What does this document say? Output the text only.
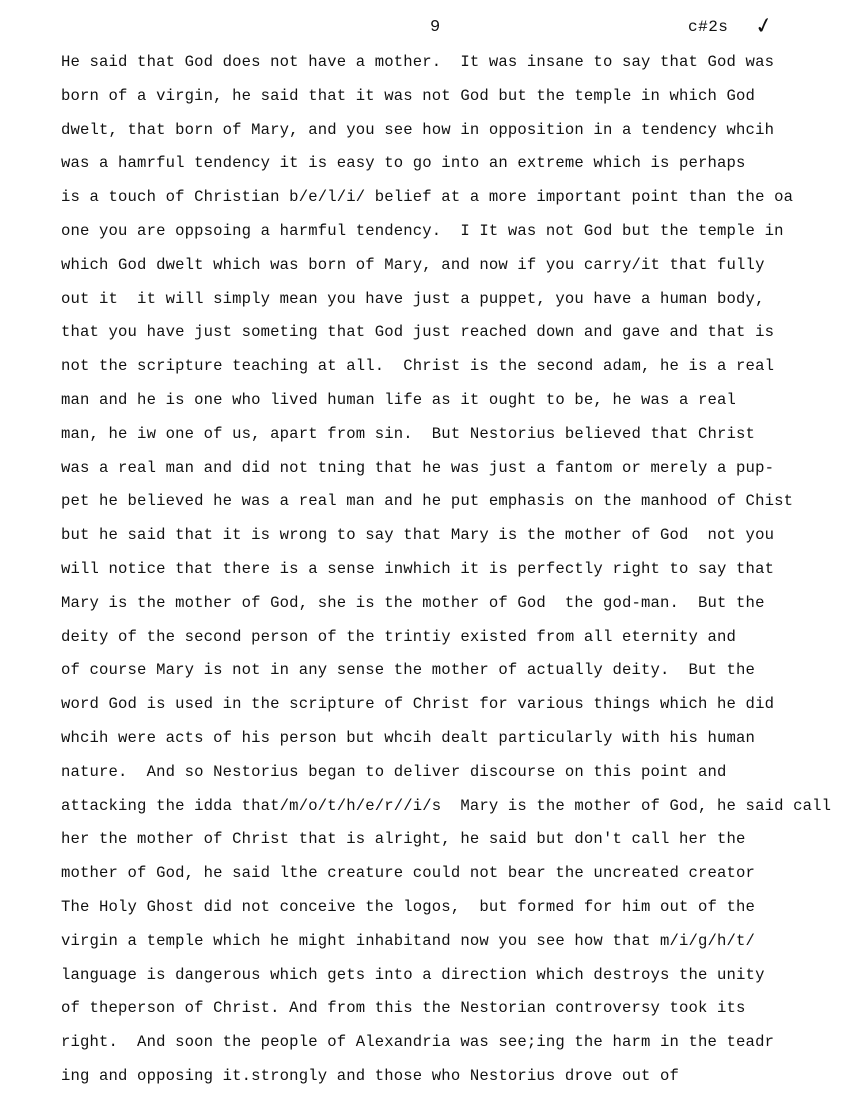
9	c#2s ✓
He said that God does not have a mother.  It was insane to say that God was
born of a virgin, he said that it was not God but the temple in which God
dwelt, that born of Mary, and you see how in opposition in a tendency whcih
was a hamrful tendency it is easy to go into an extreme which is perhaps
is a touch of Christian b/e/l/i/ belief at a more important point than the oa
one you are oppsoing a harmful tendency.  I It was not God but the temple in
which God dwelt which was born of Mary, and now if you carry/it that fully
out it  it will simply mean you have just a puppet, you have a human body,
that you have just someting that God just reached down and gave and that is
not the scripture teaching at all.  Christ is the second adam, he is a real
man and he is one who lived human life as it ought to be, he was a real
man, he iw one of us, apart from sin.  But Nestorius believed that Christ
was a real man and did not tning that he was just a fantom or merely a pup-
pet he believed he was a real man and he put emphasis on the manhood of Chist
but he said that it is wrong to say that Mary is the mother of God  not you
will notice that there is a sense inwhich it is perfectly right to say that
Mary is the mother of God, she is the mother of God  the god-man.  But the
deity of the second person of the trintiy existed from all eternity and
of course Mary is not in any sense the mother of actually deity.  But the
word God is used in the scripture of Christ for various things which he did
whcih were acts of his person but whcih dealt particularly with his human
nature.  And so Nestorius began to deliver discourse on this point and
attacking the idda that/m/o/t/h/e/r//i/s  Mary is the mother of God, he said call
her the mother of Christ that is alright, he said but don't call her the
mother of God, he said lthe creature could not bear the uncreated creator
The Holy Ghost did not conceive the logos,  but formed for him out of the
virgin a temple which he might inhabitand now you see how that m/i/g/h/t/
language is dangerous which gets into a direction which destroys the unity
of theperson of Christ. And from this the Nestorian controversy took its
right.  And soon the people of Alexandria was see;ing the harm in the teadr
ing and opposing it.strongly and those who Nestorius drove out of
